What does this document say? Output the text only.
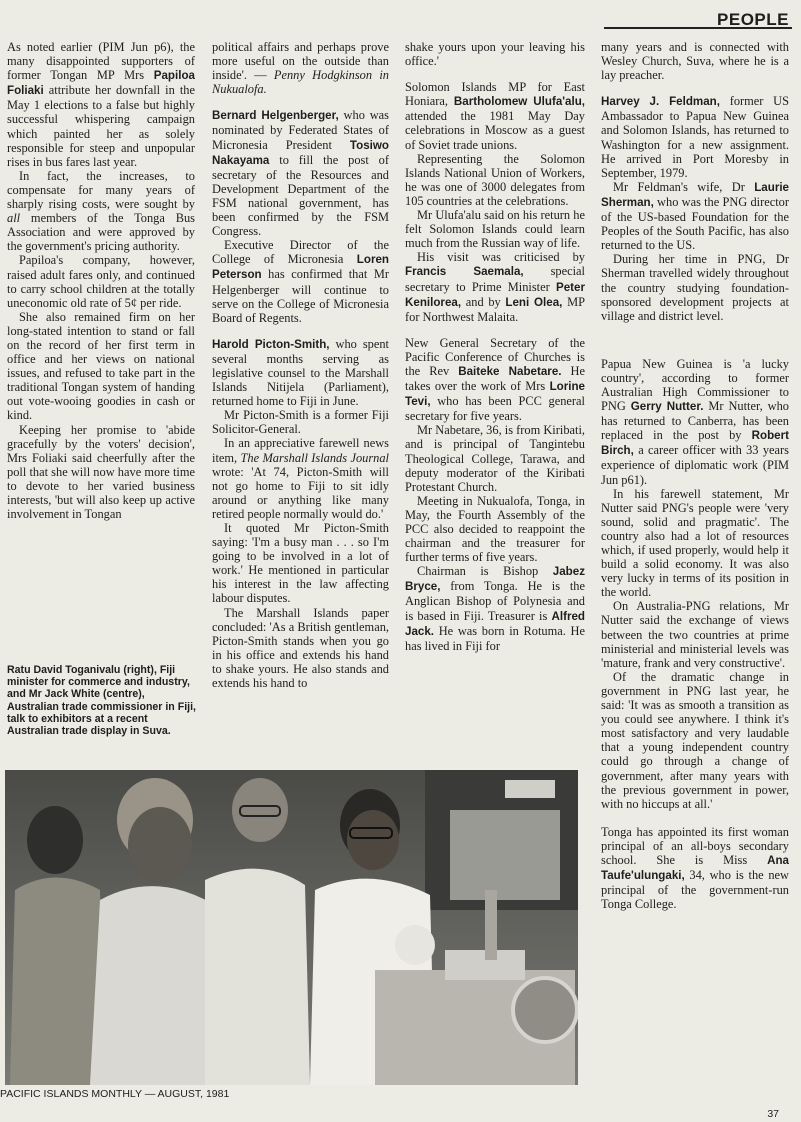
PEOPLE

As noted earlier (PIM Jun p6), the many disappointed supporters of former Tongan MP Mrs Papiloa Foliaki attribute her downfall in the May 1 elections to a false but highly successful whispering campaign which painted her as solely responsible for steep and unpopular rises in bus fares last year.

In fact, the increases, to compensate for many years of sharply rising costs, were sought by all members of the Tonga Bus Association and were approved by the government's pricing authority.

Papiloa's company, however, raised adult fares only, and continued to carry school children at the totally uneconomic old rate of 5¢ per ride.

She also remained firm on her long-stated intention to stand or fall on the record of her first term in office and her views on national issues, and refused to take part in the traditional Tongan system of handing out vote-wooing goodies in cash or kind.

Keeping her promise to 'abide gracefully by the voters' decision', Mrs Foliaki said cheerfully after the poll that she will now have more time to devote to her varied business interests, 'but will also keep up active involvement in Tongan

Ratu David Toganivalu (right), Fiji minister for commerce and industry, and Mr Jack White (centre), Australian trade commissioner in Fiji, talk to exhibitors at a recent Australian trade display in Suva.

political affairs and perhaps prove more useful on the outside than inside'. — Penny Hodgkinson in Nukualofa.

Bernard Helgenberger, who was nominated by Federated States of Micronesia President Tosiwo Nakayama to fill the post of secretary of the Resources and Development Department of the FSM national government, has been confirmed by the FSM Congress.

Executive Director of the College of Micronesia Loren Peterson has confirmed that Mr Helgenberger will continue to serve on the College of Micronesia Board of Regents.

Harold Picton-Smith, who spent several months serving as legislative counsel to the Marshall Islands Nitijela (Parliament), returned home to Fiji in June.

Mr Picton-Smith is a former Fiji Solicitor-General.

In an appreciative farewell news item, The Marshall Islands Journal wrote: 'At 74, Picton-Smith will not go home to Fiji to sit idly around or anything like many retired people normally would do.'

It quoted Mr Picton-Smith saying: 'I'm a busy man . . . so I'm going to be involved in a lot of work.' He mentioned in particular his interest in the law affecting labour disputes.

The Marshall Islands paper concluded: 'As a British gentleman, Picton-Smith stands when you go in his office and extends his hand to shake yours. He also stands and extends his hand to

shake yours upon your leaving his office.'

Solomon Islands MP for East Honiara, Bartholomew Ulufa'alu, attended the 1981 May Day celebrations in Moscow as a guest of Soviet trade unions.

Representing the Solomon Islands National Union of Workers, he was one of 3000 delegates from 105 countries at the celebrations.

Mr Ulufa'alu said on his return he felt Solomon Islands could learn much from the Russian way of life.

His visit was criticised by Francis Saemala, special secretary to Prime Minister Peter Kenilorea, and by Leni Olea, MP for Northwest Malaita.

New General Secretary of the Pacific Conference of Churches is the Rev Baiteke Nabetare. He takes over the work of Mrs Lorine Tevi, who has been PCC general secretary for five years.

Mr Nabetare, 36, is from Kiribati, and is principal of Tangintebu Theological College, Tarawa, and deputy moderator of the Kiribati Protestant Church.

Meeting in Nukualofa, Tonga, in May, the Fourth Assembly of the PCC also decided to reappoint the chairman and the treasurer for further terms of five years.

Chairman is Bishop Jabez Bryce, from Tonga. He is the Anglican Bishop of Polynesia and is based in Fiji. Treasurer is Alfred Jack. He was born in Rotuma. He has lived in Fiji for

many years and is connected with Wesley Church, Suva, where he is a lay preacher.

Harvey J. Feldman, former US Ambassador to Papua New Guinea and Solomon Islands, has returned to Washington for a new assignment. He arrived in Port Moresby in September, 1979.

Mr Feldman's wife, Dr Laurie Sherman, who was the PNG director of the US-based Foundation for the Peoples of the South Pacific, has also returned to the US.

During her time in PNG, Dr Sherman travelled widely throughout the country studying foundation-sponsored development projects at village and district level.

Papua New Guinea is 'a lucky country', according to former Australian High Commissioner to PNG Gerry Nutter. Mr Nutter, who has returned to Canberra, has been replaced in the post by Robert Birch, a career officer with 33 years experience of diplomatic work (PIM Jun p61).

In his farewell statement, Mr Nutter said PNG's people were 'very sound, solid and pragmatic'. The country also had a lot of resources which, if used properly, would help it build a solid economy. It was also very lucky in terms of its position in the world.

On Australia-PNG relations, Mr Nutter said the exchange of views between the two countries at prime ministerial and ministerial levels was 'mature, frank and very constructive'.

Of the dramatic change in government in PNG last year, he said: 'It was as smooth a transition as you could see anywhere. I think it's most satisfactory and very laudable that a young independent country could go through a change of government, after many years with the previous government in power, with no hiccups at all.'

Tonga has appointed its first woman principal of an all-boys secondary school. She is Miss Ana Taufe'ulungaki, 34, who is the new principal of the government-run Tonga College.

PACIFIC ISLANDS MONTHLY — AUGUST, 1981
37
